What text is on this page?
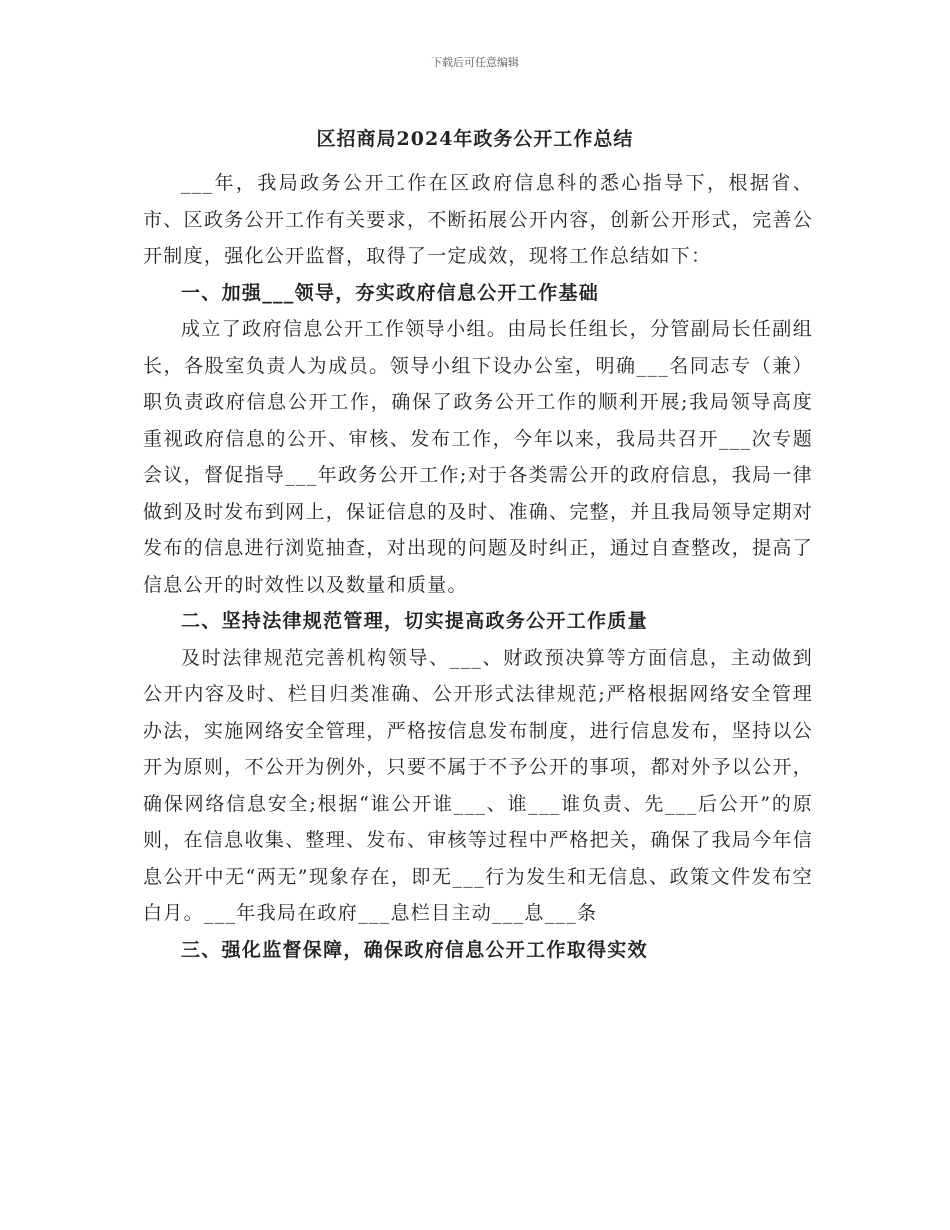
下载后可任意编辑
区招商局2024年政务公开工作总结

___年，我局政务公开工作在区政府信息科的悉心指导下，根据省、市、区政务公开工作有关要求，不断拓展公开内容，创新公开形式，完善公开制度，强化公开监督，取得了一定成效，现将工作总结如下：

一、加强___领导，夯实政府信息公开工作基础

成立了政府信息公开工作领导小组。由局长任组长，分管副局长任副组长，各股室负责人为成员。领导小组下设办公室，明确___名同志专（兼）职负责政府信息公开工作，确保了政务公开工作的顺利开展;我局领导高度重视政府信息的公开、审核、发布工作，今年以来，我局共召开___次专题会议，督促指导___年政务公开工作;对于各类需公开的政府信息，我局一律做到及时发布到网上，保证信息的及时、准确、完整，并且我局领导定期对发布的信息进行浏览抽查，对出现的问题及时纠正，通过自查整改，提高了信息公开的时效性以及数量和质量。

二、坚持法律规范管理，切实提高政务公开工作质量

及时法律规范完善机构领导、___、财政预决算等方面信息，主动做到公开内容及时、栏目归类准确、公开形式法律规范;严格根据网络安全管理办法，实施网络安全管理，严格按信息发布制度，进行信息发布，坚持以公开为原则，不公开为例外，只要不属于不予公开的事项，都对外予以公开，确保网络信息安全;根据“谁公开谁___、谁___谁负责、先___后公开”的原则，在信息收集、整理、发布、审核等过程中严格把关，确保了我局今年信息公开中无“两无”现象存在，即无___行为发生和无信息、政策文件发布空白月。___年我局在政府___息栏目主动___息___条

三、强化监督保障，确保政府信息公开工作取得实效
